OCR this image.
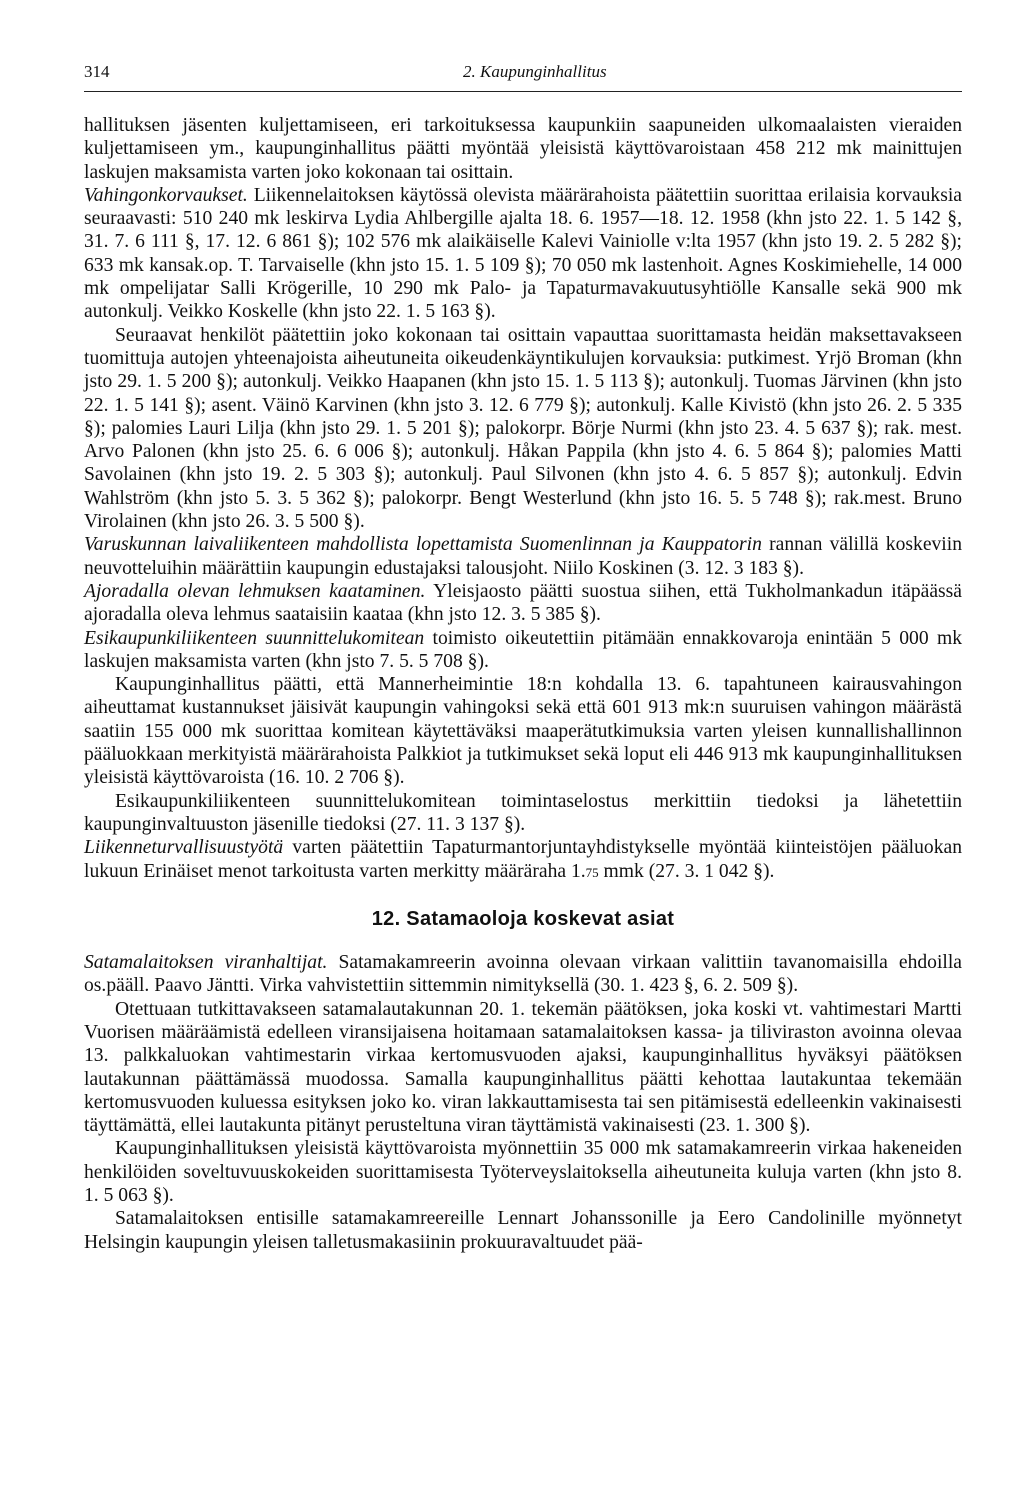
314	2. Kaupunginhallitus

hallituksen jäsenten kuljettamiseen, eri tarkoituksessa kaupunkiin saapuneiden ulkomaalaisten vieraiden kuljettamiseen ym., kaupunginhallitus päätti myöntää yleisistä käyttövaroistaan 458 212 mk mainittujen laskujen maksamista varten joko kokonaan tai osittain.

Vahingonkorvaukset. Liikennelaitoksen käytössä olevista määrärahoista päätettiin suorittaa erilaisia korvauksia seuraavasti: 510 240 mk leskirva Lydia Ahlbergille ajalta 18. 6. 1957—18. 12. 1958 (khn jsto 22. 1. 5 142 §, 31. 7. 6 111 §, 17. 12. 6 861 §); 102 576 mk alaikäiselle Kalevi Vainiolle v:lta 1957 (khn jsto 19. 2. 5 282 §); 633 mk kansak.op. T. Tarvaiselle (khn jsto 15. 1. 5 109 §); 70 050 mk lastenhoit. Agnes Koskimiehelle, 14 000 mk ompelijatar Salli Krögerille, 10 290 mk Palo- ja Tapaturmavakuutusyhtiölle Kansalle sekä 900 mk autonkulj. Veikko Koskelle (khn jsto 22. 1. 5 163 §).

Seuraavat henkilöt päätettiin joko kokonaan tai osittain vapauttaa suorittamasta heidän maksettavakseen tuomittuja autojen yhteenajoista aiheutuneita oikeudenkäyntikulujen korvauksia: putkimest. Yrjö Broman (khn jsto 29. 1. 5 200 §); autonkulj. Veikko Haapanen (khn jsto 15. 1. 5 113 §); autonkulj. Tuomas Järvinen (khn jsto 22. 1. 5 141 §); asent. Väinö Karvinen (khn jsto 3. 12. 6 779 §); autonkulj. Kalle Kivistö (khn jsto 26. 2. 5 335 §); palomies Lauri Lilja (khn jsto 29. 1. 5 201 §); palokorpr. Börje Nurmi (khn jsto 23. 4. 5 637 §); rak. mest. Arvo Palonen (khn jsto 25. 6. 6 006 §); autonkulj. Håkan Pappila (khn jsto 4. 6. 5 864 §); palomies Matti Savolainen (khn jsto 19. 2. 5 303 §); autonkulj. Paul Silvonen (khn jsto 4. 6. 5 857 §); autonkulj. Edvin Wahlström (khn jsto 5. 3. 5 362 §); palokorpr. Bengt Westerlund (khn jsto 16. 5. 5 748 §); rak.mest. Bruno Virolainen (khn jsto 26. 3. 5 500 §).

Varuskunnan laivaliikenteen mahdollista lopettamista Suomenlinnan ja Kauppatorin rannan välillä koskeviin neuvotteluihin määrättiin kaupungin edustajaksi talousjoht. Niilo Koskinen (3. 12. 3 183 §).

Ajoradalla olevan lehmuksen kaataminen. Yleisjaosto päätti suostua siihen, että Tukholmankadun itäpäässä ajoradalla oleva lehmus saataisiin kaataa (khn jsto 12. 3. 5 385 §).

Esikaupunkiliikenteen suunnittelukomitean toimisto oikeutettiin pitämään ennakkovaroja enintään 5 000 mk laskujen maksamista varten (khn jsto 7. 5. 5 708 §).

Kaupunginhallitus päätti, että Mannerheimintie 18:n kohdalla 13. 6. tapahtuneen kairausvahingon aiheuttamat kustannukset jäisivät kaupungin vahingoksi sekä että 601 913 mk:n suuruisen vahingon määrästä saatiin 155 000 mk suorittaa komitean käytettäväksi maaperätutkimuksia varten yleisen kunnallishallinnon pääluokkaan merkityistä määrärahoista Palkkiot ja tutkimukset sekä loput eli 446 913 mk kaupunginhallituksen yleisistä käyttövaroista (16. 10. 2 706 §).

Esikaupunkiliikenteen suunnittelukomitean toimintaselostus merkittiin tiedoksi ja lähetettiin kaupunginvaltuuston jäsenille tiedoksi (27. 11. 3 137 §).

Liikenneturvallisuustyötä varten päätettiin Tapaturmantorjuntayhdistykselle myöntää kiinteistöjen pääluokan lukuun Erinäiset menot tarkoitusta varten merkitty määräraha 1.75 mmk (27. 3. 1 042 §).

12. Satamaoloja koskevat asiat

Satamalaitoksen viranhaltijat. Satamakamreerin avoinna olevaan virkaan valittiin tavanomaisilla ehdoilla os.pääll. Paavo Jäntti. Virka vahvistettiin sittemmin nimityksellä (30. 1. 423 §, 6. 2. 509 §).

Otettuaan tutkittavakseen satamalautakunnan 20. 1. tekemän päätöksen, joka koski vt. vahtimestari Martti Vuorisen määräämistä edelleen viransijaisena hoitamaan satamalaitoksen kassa- ja tiliviraston avoinna olevaa 13. palkkaluokan vahtimestarin virkaa kertomusvuoden ajaksi, kaupunginhallitus hyväksyi päätöksen lautakunnan päättämässä muodossa. Samalla kaupunginhallitus päätti kehottaa lautakuntaa tekemään kertomusvuoden kuluessa esityksen joko ko. viran lakkauttamisesta tai sen pitämisestä edelleenkin vakinaisesti täyttämättä, ellei lautakunta pitänyt perusteltuna viran täyttämistä vakinaisesti (23. 1. 300 §).

Kaupunginhallituksen yleisistä käyttövaroista myönnettiin 35 000 mk satamakamreerin virkaa hakeneiden henkilöiden soveltuvuuskokeiden suorittamisesta Työterveyslaitoksella aiheutuneita kuluja varten (khn jsto 8. 1. 5 063 §).

Satamalaitoksen entisille satamakamreereille Lennart Johanssonille ja Eero Candolinille myönnetyt Helsingin kaupungin yleisen talletusmakasiinin prokuuravaltuudet pää-
